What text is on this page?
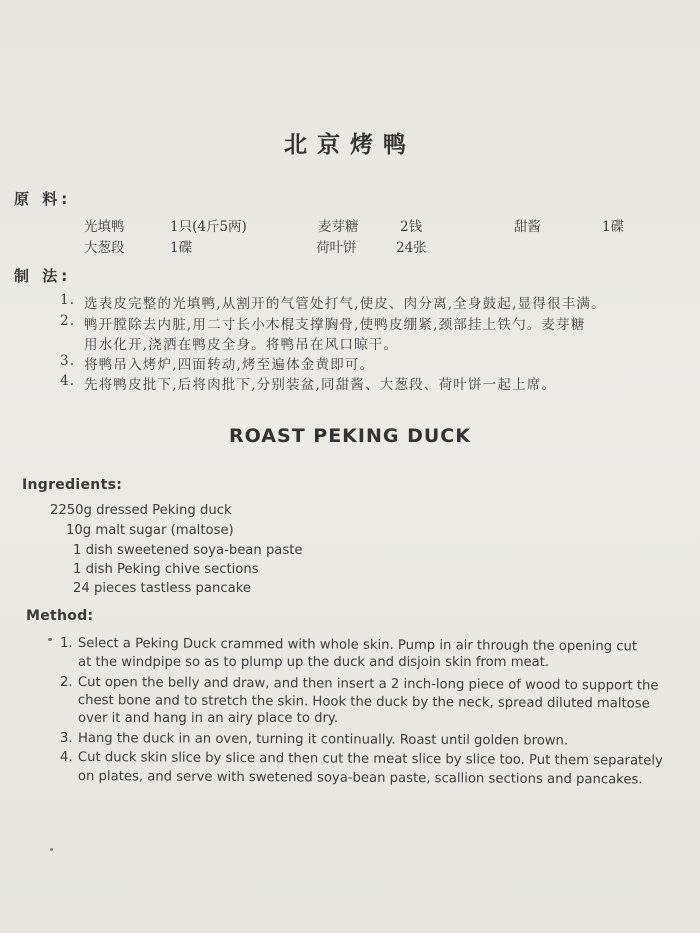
北京烤鸭
原 料:
光填鸭	1只(4斤5两)	麦芽糖	2钱	甜酱	1碟
大葱段	1碟	荷叶饼	24张
制 法:
1. 选表皮完整的光填鸭,从割开的气管处打气,使皮、肉分离,全身鼓起,显得很丰满。
2. 鸭开膛除去内脏,用二寸长小木棍支撑胸骨,使鸭皮绷紧,颈部挂上铁勺。麦芽糖
用水化开,浇洒在鸭皮全身。将鸭吊在风口晾干。
3. 将鸭吊入烤炉,四面转动,烤至遍体金黄即可。
4. 先将鸭皮批下,后将肉批下,分别装盆,同甜酱、大葱段、荷叶饼一起上席。
ROAST PEKING DUCK
Ingredients:
2250g dressed Peking duck
10g malt sugar (maltose)
1 dish sweetened soya-bean paste
1 dish Peking chive sections
24 pieces tastless pancake
Method:
1. Select a Peking Duck crammed with whole skin. Pump in air through the opening cut
at the windpipe so as to plump up the duck and disjoin skin from meat.
2. Cut open the belly and draw, and then insert a 2 inch-long piece of wood to support the
chest bone and to stretch the skin. Hook the duck by the neck, spread diluted maltose
over it and hang in an airy place to dry.
3. Hang the duck in an oven, turning it continually. Roast until golden brown.
4. Cut duck skin slice by slice and then cut the meat slice by slice too. Put them separately
on plates, and serve with swetened soya-bean paste, scallion sections and pancakes.
